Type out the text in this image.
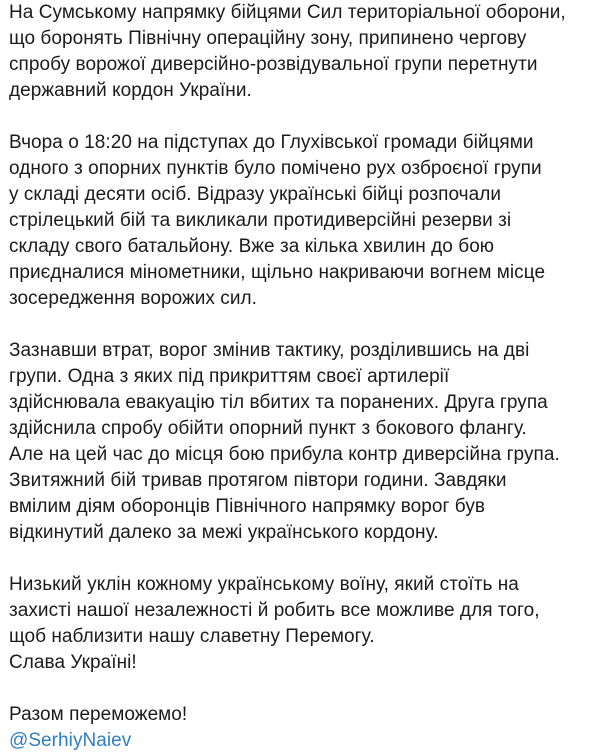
На Сумському напрямку бійцями Сил територіальної оборони,
що боронять Північну операційну зону, припинено чергову
спробу ворожої диверсійно-розвідувальної групи перетнути
державний кордон України.
Вчора о 18:20 на підступах до Глухівської громади бійцями
одного з опорних пунктів було помічено рух озброєної групи
у складі десяти осіб. Відразу українські бійці розпочали
стрілецький бій та викликали протидиверсійні резерви зі
складу свого батальйону. Вже за кілька хвилин до бою
приєдналися мінометники, щільно накриваючи вогнем місце
зосередження ворожих сил.
Зазнавши втрат, ворог змінив тактику, розділившись на дві
групи. Одна з яких під прикриттям своєї артилерії
здійснювала евакуацію тіл вбитих та поранених. Друга група
здійснила спробу обійти опорний пункт з бокового флангу.
Але на цей час до місця бою прибула контр диверсійна група.
Звитяжний бій тривав протягом півтори години. Завдяки
вмілим діям оборонців Північного напрямку ворог був
відкинутий далеко за межі українського кордону.
Низький уклін кожному українському воїну, який стоїть на
захисті нашої незалежності й робить все можливе для того,
щоб наблизити нашу славетну Перемогу.
Слава Україні!
Разом переможемо!
@SerhiyNaiev
